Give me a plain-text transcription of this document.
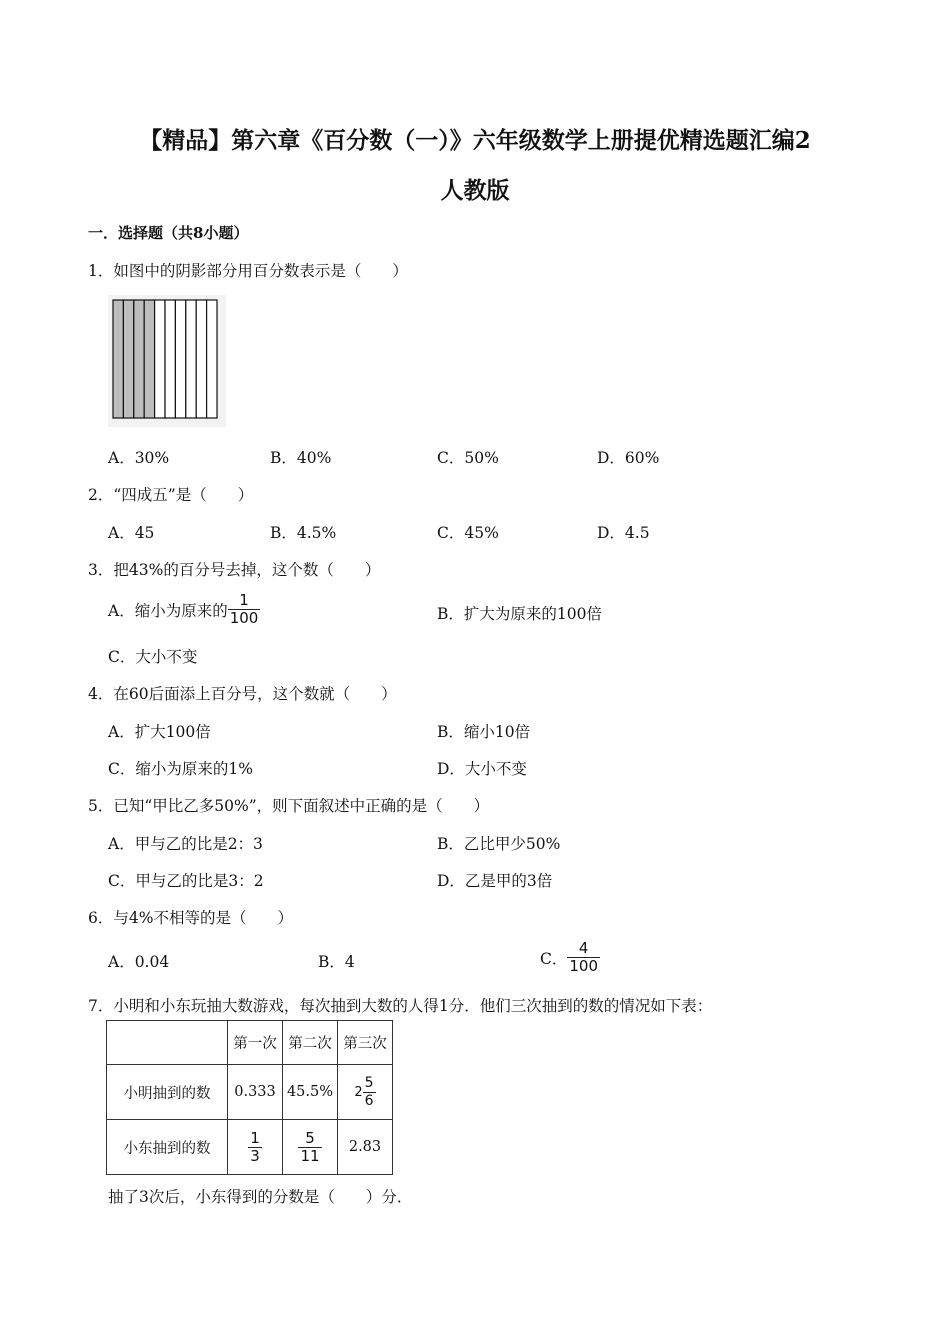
【精品】第六章《百分数（一）》六年级数学上册提优精选题汇编2
人教版
一．选择题（共8小题）
1．如图中的阴影部分用百分数表示是（　　）
A．30%	B．40%	C．50%	D．60%
2．“四成五”是（　　）
A．45	B．4.5%	C．45%	D．4.5
3．把43%的百分号去掉，这个数（　　）
A．缩小为原来的 $\frac{1}{100}$	B．扩大为原来的100倍
C．大小不变
4．在60后面添上百分号，这个数就（　　）
A．扩大100倍	B．缩小10倍
C．缩小为原来的1%	D．大小不变
5．已知“甲比乙多50%”，则下面叙述中正确的是（　　）
A．甲与乙的比是2：3	B．乙比甲少50%
C．甲与乙的比是3：2	D．乙是甲的3倍
6．与4%不相等的是（　　）
A．0.04	B．4	C． $\frac{4}{100}$
7．小明和小东玩抽大数游戏，每次抽到大数的人得1分．他们三次抽到的数的情况如下表：
	第一次	第二次	第三次
小明抽到的数	0.333	45.5%	$2 \frac{5}{6}$

小东抽到的数	$\frac{1}{3}$	$\frac{5}{11}$	2.83
抽了3次后，小东得到的分数是（　　）分．
